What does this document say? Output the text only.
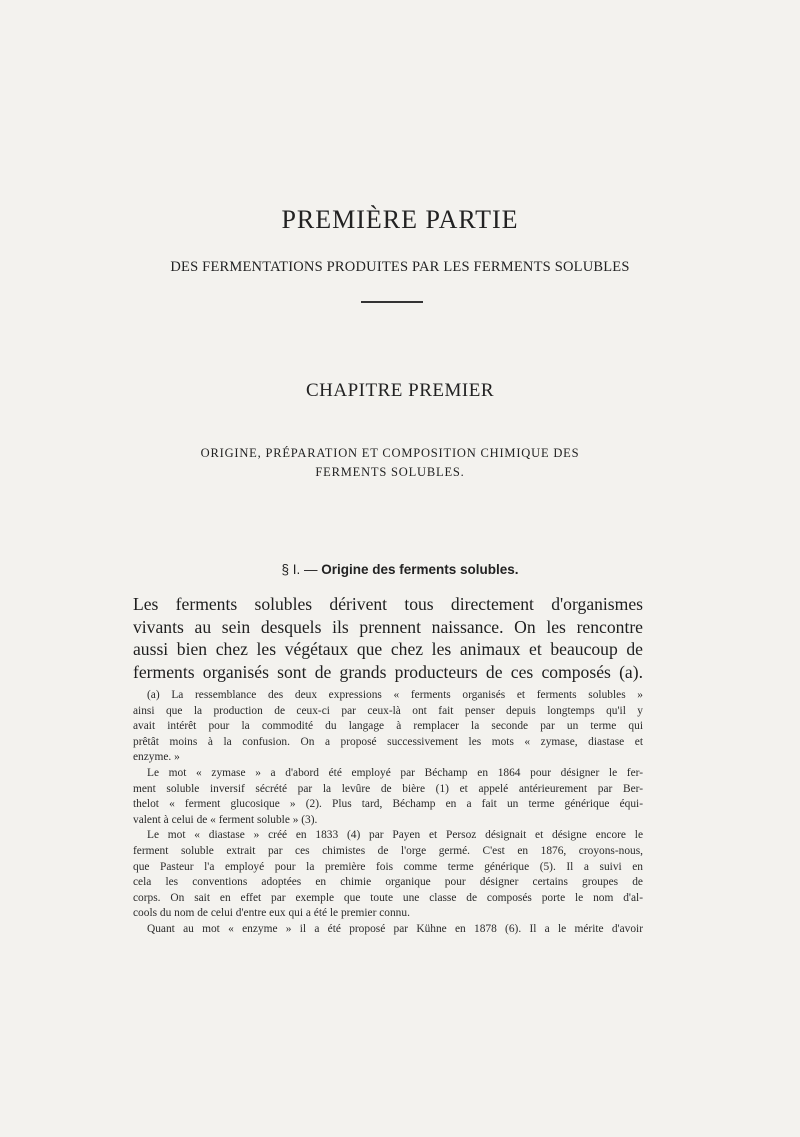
PREMIÈRE PARTIE
DES FERMENTATIONS PRODUITES PAR LES FERMENTS SOLUBLES
CHAPITRE PREMIER
ORIGINE, PRÉPARATION ET COMPOSITION CHIMIQUE DES
FERMENTS SOLUBLES.
§ I. — Origine des ferments solubles.
Les ferments solubles dérivent tous directement d'organismes
vivants au sein desquels ils prennent naissance. On les rencontre
aussi bien chez les végétaux que chez les animaux et beaucoup de
ferments organisés sont de grands producteurs de ces composés (a).
(a) La ressemblance des deux expressions « ferments organisés et ferments solubles »
ainsi que la production de ceux-ci par ceux-là ont fait penser depuis longtemps qu'il y
avait intérêt pour la commodité du langage à remplacer la seconde par un terme qui
prêtât moins à la confusion. On a proposé successivement les mots « zymase, diastase et
enzyme. »
Le mot « zymase » a d'abord été employé par Béchamp en 1864 pour désigner le fer-
ment soluble inversif sécrété par la levûre de bière (1) et appelé antérieurement par Ber-
thelot « ferment glucosique » (2). Plus tard, Béchamp en a fait un terme générique équi-
valent à celui de « ferment soluble » (3).
Le mot « diastase » créé en 1833 (4) par Payen et Persoz désignait et désigne encore le
ferment soluble extrait par ces chimistes de l'orge germé. C'est en 1876, croyons-nous,
que Pasteur l'a employé pour la première fois comme terme générique (5). Il a suivi en
cela les conventions adoptées en chimie organique pour désigner certains groupes de
corps. On sait en effet par exemple que toute une classe de composés porte le nom d'al-
cools du nom de celui d'entre eux qui a été le premier connu.
Quant au mot « enzyme » il a été proposé par Kühne en 1878 (6). Il a le mérite d'avoir
